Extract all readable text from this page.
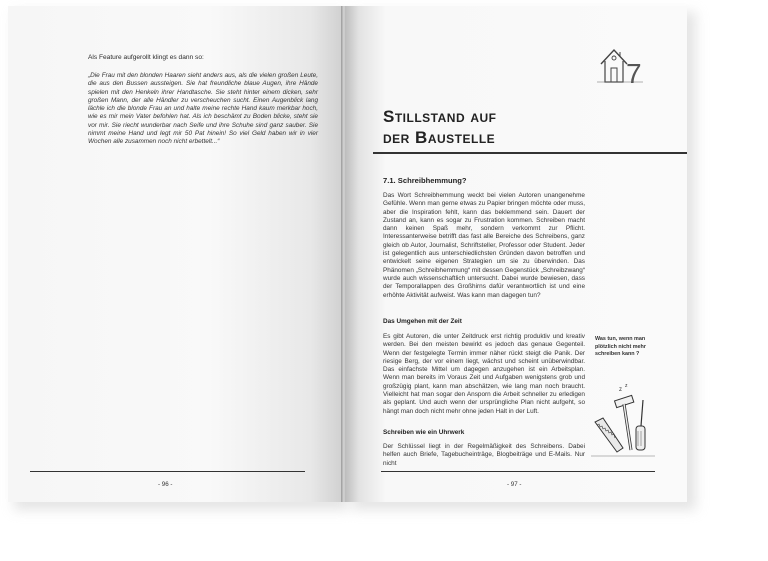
Als Feature aufgerollt klingt es dann so:
„Die Frau mit den blonden Haaren sieht anders aus, als die vielen großen Leute, die aus den Bussen aussteigen. Sie hat freundliche blaue Augen, ihre Hände spielen mit den Henkeln ihrer Handtasche. Sie steht hinter einem dicken, sehr großen Mann, der alle Händler zu verscheuchen sucht. Einen Augenblick lang lächle ich die blonde Frau an und halte meine rechte Hand kaum merkbar hoch, wie es mir mein Vater befohlen hat. Als ich beschämt zu Boden blicke, steht sie vor mir. Sie riecht wunderbar nach Seife und ihre Schuhe sind ganz sauber. Sie nimmt meine Hand und legt mir 50 Pat hinein! So viel Geld haben wir in vier Wochen alle zusammen noch nicht erbettelt...“
- 96 -
7
Stillstand auf
der Baustelle
7.1. Schreibhemmung?
Das Wort Schreibhemmung weckt bei vielen Autoren unangenehme Gefühle. Wenn man gerne etwas zu Papier bringen möchte oder muss, aber die Inspiration fehlt, kann das beklemmend sein. Dauert der Zustand an, kann es sogar zu Frustration kommen. Schreiben macht dann keinen Spaß mehr, sondern verkommt zur Pflicht. Interessanterweise betrifft das fast alle Bereiche des Schreibens, ganz gleich ob Autor, Journalist, Schriftsteller, Professor oder Student. Jeder ist gelegentlich aus unterschiedlichsten Gründen davon betroffen und entwickelt seine eigenen Strategien um sie zu überwinden. Das Phänomen „Schreibhemmung“ mit dessen Gegenstück „Schreibzwang“ wurde auch wissenschaftlich untersucht. Dabei wurde bewiesen, dass der Temporallappen des Großhirns dafür verantwortlich ist und eine erhöhte Aktivität aufweist. Was kann man dagegen tun?
Das Umgehen mit der Zeit
Es gibt Autoren, die unter Zeitdruck erst richtig produktiv und kreativ werden. Bei den meisten bewirkt es jedoch das genaue Gegenteil. Wenn der festgelegte Termin immer näher rückt steigt die Panik. Der riesige Berg, der vor einem liegt, wächst und scheint unüberwindbar. Das einfachste Mittel um dagegen anzugehen ist ein Arbeitsplan. Wenn man bereits im Voraus Zeit und Aufgaben wenigstens grob und großzügig plant, kann man abschätzen, wie lang man noch braucht. Vielleicht hat man sogar den Ansporn die Arbeit schneller zu erledigen als geplant. Und auch wenn der ursprüngliche Plan nicht aufgeht, so hängt man doch nicht mehr ohne jeden Halt in der Luft.
Was tun, wenn man plötzlich nicht mehr schreiben kann ?
z
z
Schreiben wie ein Uhrwerk
Der Schlüssel liegt in der Regelmäßigkeit des Schreibens. Dabei helfen auch Briefe, Tagebucheinträge, Blogbeiträge und E-Mails. Nur nicht
- 97 -
